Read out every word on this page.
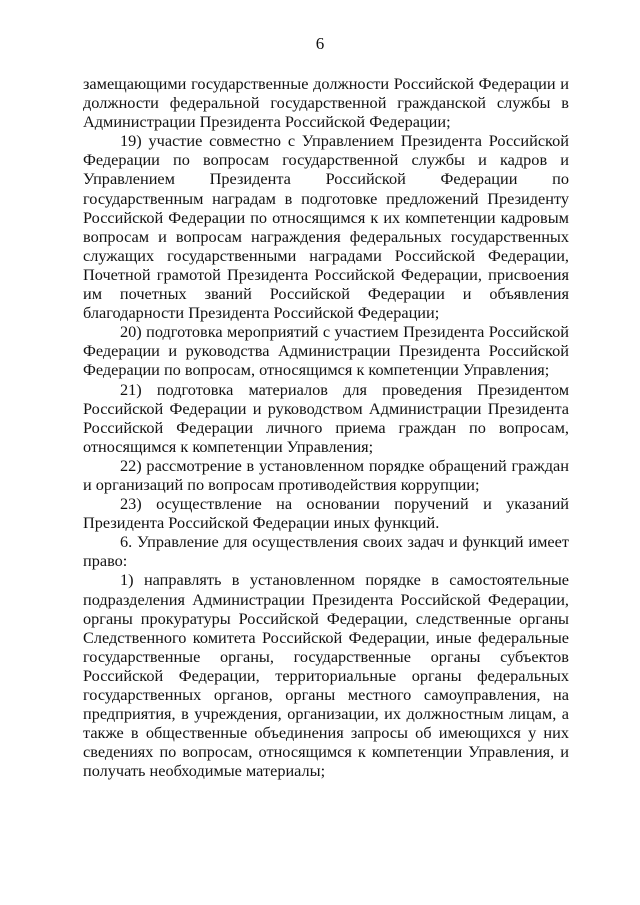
6

замещающими государственные должности Российской Федерации и должности федеральной государственной гражданской службы в Администрации Президента Российской Федерации;

19) участие совместно с Управлением Президента Российской Федерации по вопросам государственной службы и кадров и Управлением Президента Российской Федерации по государственным наградам в подготовке предложений Президенту Российской Федерации по относящимся к их компетенции кадровым вопросам и вопросам награждения федеральных государственных служащих государственными наградами Российской Федерации, Почетной грамотой Президента Российской Федерации, присвоения им почетных званий Российской Федерации и объявления благодарности Президента Российской Федерации;

20) подготовка мероприятий с участием Президента Российской Федерации и руководства Администрации Президента Российской Федерации по вопросам, относящимся к компетенции Управления;

21) подготовка материалов для проведения Президентом Российской Федерации и руководством Администрации Президента Российской Федерации личного приема граждан по вопросам, относящимся к компетенции Управления;

22) рассмотрение в установленном порядке обращений граждан и организаций по вопросам противодействия коррупции;

23) осуществление на основании поручений и указаний Президента Российской Федерации иных функций.

6. Управление для осуществления своих задач и функций имеет право:

1) направлять в установленном порядке в самостоятельные подразделения Администрации Президента Российской Федерации, органы прокуратуры Российской Федерации, следственные органы Следственного комитета Российской Федерации, иные федеральные государственные органы, государственные органы субъектов Российской Федерации, территориальные органы федеральных государственных органов, органы местного самоуправления, на предприятия, в учреждения, организации, их должностным лицам, а также в общественные объединения запросы об имеющихся у них сведениях по вопросам, относящимся к компетенции Управления, и получать необходимые материалы;
